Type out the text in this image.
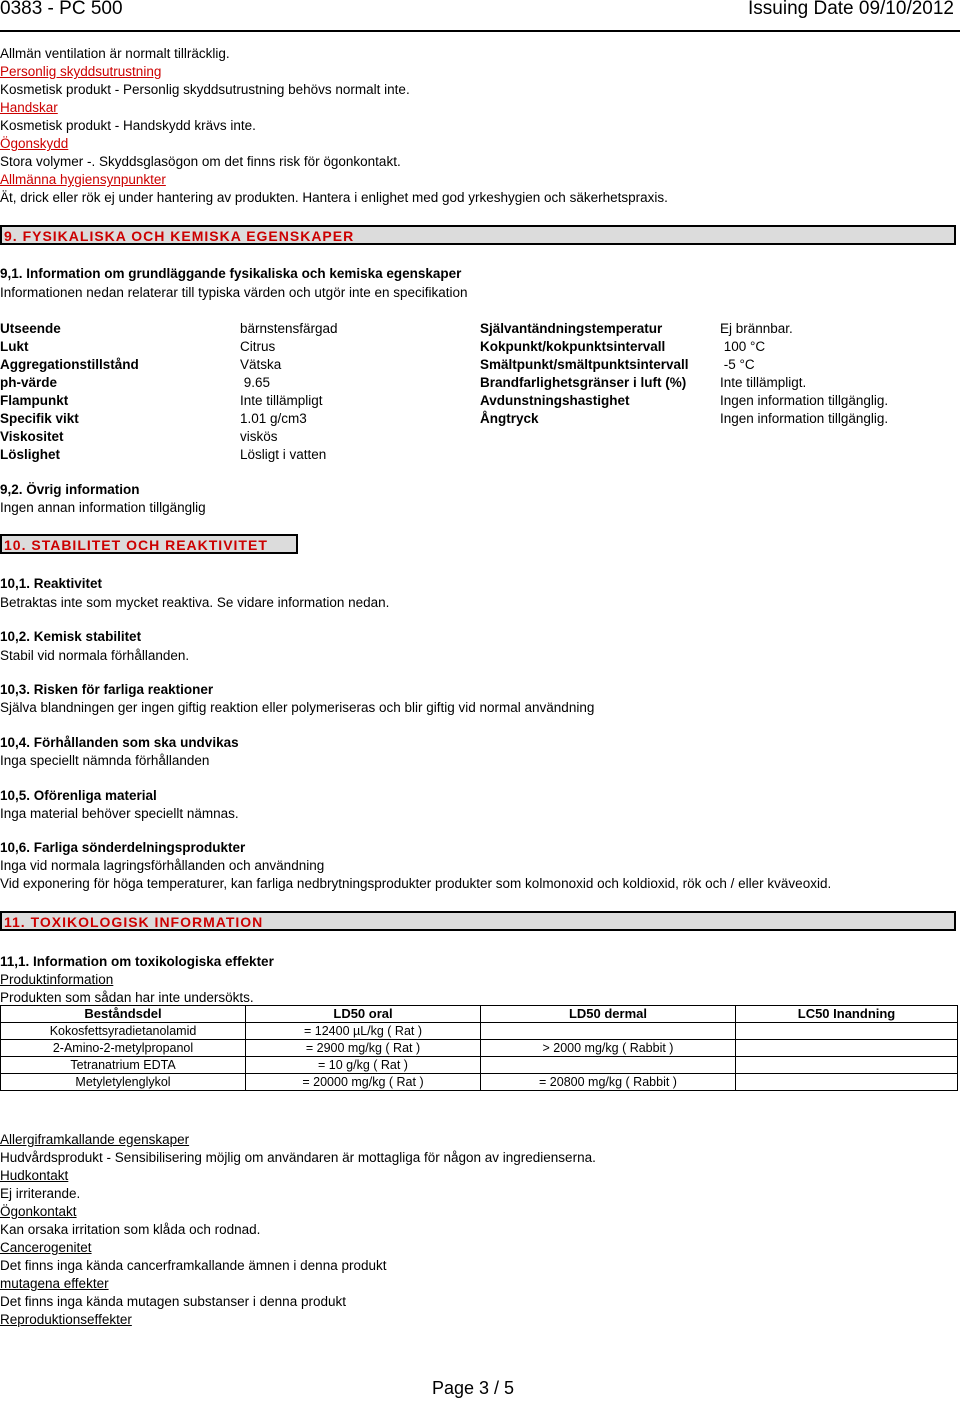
0383 - PC 500	Issuing Date 09/10/2012
Allmän ventilation är normalt tillräcklig.
Personlig skyddsutrustning
Kosmetisk produkt - Personlig skyddsutrustning behövs normalt inte.
Handskar
Kosmetisk produkt - Handskydd krävs inte.
Ögonskydd
Stora volymer -. Skyddsglasögon om det finns risk för ögonkontakt.
Allmänna hygiensynpunkter
Ät, drick eller rök ej under hantering av produkten. Hantera i enlighet med god yrkeshygien och säkerhetspraxis.
9. FYSIKALISKA OCH KEMISKA EGENSKAPER
9,1. Information om grundläggande fysikaliska och kemiska egenskaper
Informationen nedan relaterar till typiska värden och utgör inte en specifikation
Utseende	bärnstensfärgad
Lukt	Citrus
Aggregationstillstånd	Vätska
ph-värde	9.65
Flampunkt	Inte tillämpligt
Specifik vikt	1.01 g/cm3
Viskositet	viskös
Löslighet	Lösligt i vatten
Självantändningstemperatur	Ej brännbar.
Kokpunkt/kokpunktsintervall	100 °C
Smältpunkt/smältpunktsintervall -5 °C
Brandfarlighetsgränser i luft (%) Inte tillämpligt.
Avdunstningshastighet	Ingen information tillgänglig.
Ångtryck	Ingen information tillgänglig.
9,2. Övrig information
Ingen annan information tillgänglig
10. STABILITET OCH REAKTIVITET
10,1. Reaktivitet
Betraktas inte som mycket reaktiva. Se vidare information nedan.
10,2. Kemisk stabilitet
Stabil vid normala förhållanden.
10,3. Risken för farliga reaktioner
Själva blandningen ger ingen giftig reaktion eller polymeriseras och blir giftig vid normal användning
10,4. Förhållanden som ska undvikas
Inga speciellt nämnda förhållanden
10,5. Oförenliga material
Inga material behöver speciellt nämnas.
10,6. Farliga sönderdelningsprodukter
Inga vid normala lagringsförhållanden och användning
Vid exponering för höga temperaturer, kan farliga nedbrytningsprodukter produkter som kolmonoxid och koldioxid, rök och / eller kväveoxid.
11. TOXIKOLOGISK INFORMATION
11,1. Information om toxikologiska effekter
Produktinformation
Produkten som sådan har inte undersökts.
Beståndsdel	LD50 oral	LD50 dermal	LC50 Inandning
Kokosfettsyradietanolamid	= 12400 µL/kg ( Rat )		
2-Amino-2-metylpropanol	= 2900 mg/kg ( Rat )	> 2000 mg/kg ( Rabbit )	
Tetranatrium EDTA	= 10 g/kg ( Rat )		
Metyletylenglykol	= 20000 mg/kg ( Rat )	= 20800 mg/kg ( Rabbit )	
Allergiframkallande egenskaper
Hudvårdsprodukt - Sensibilisering möjlig om användaren är mottagliga för någon av ingredienserna.
Hudkontakt
Ej irriterande.
Ögonkontakt
Kan orsaka irritation som klåda och rodnad.
Cancerogenitet
Det finns inga kända cancerframkallande ämnen i denna produkt
mutagena effekter
Det finns inga kända mutagen substanser i denna produkt
Reproduktionseffekter
Page 3 / 5
